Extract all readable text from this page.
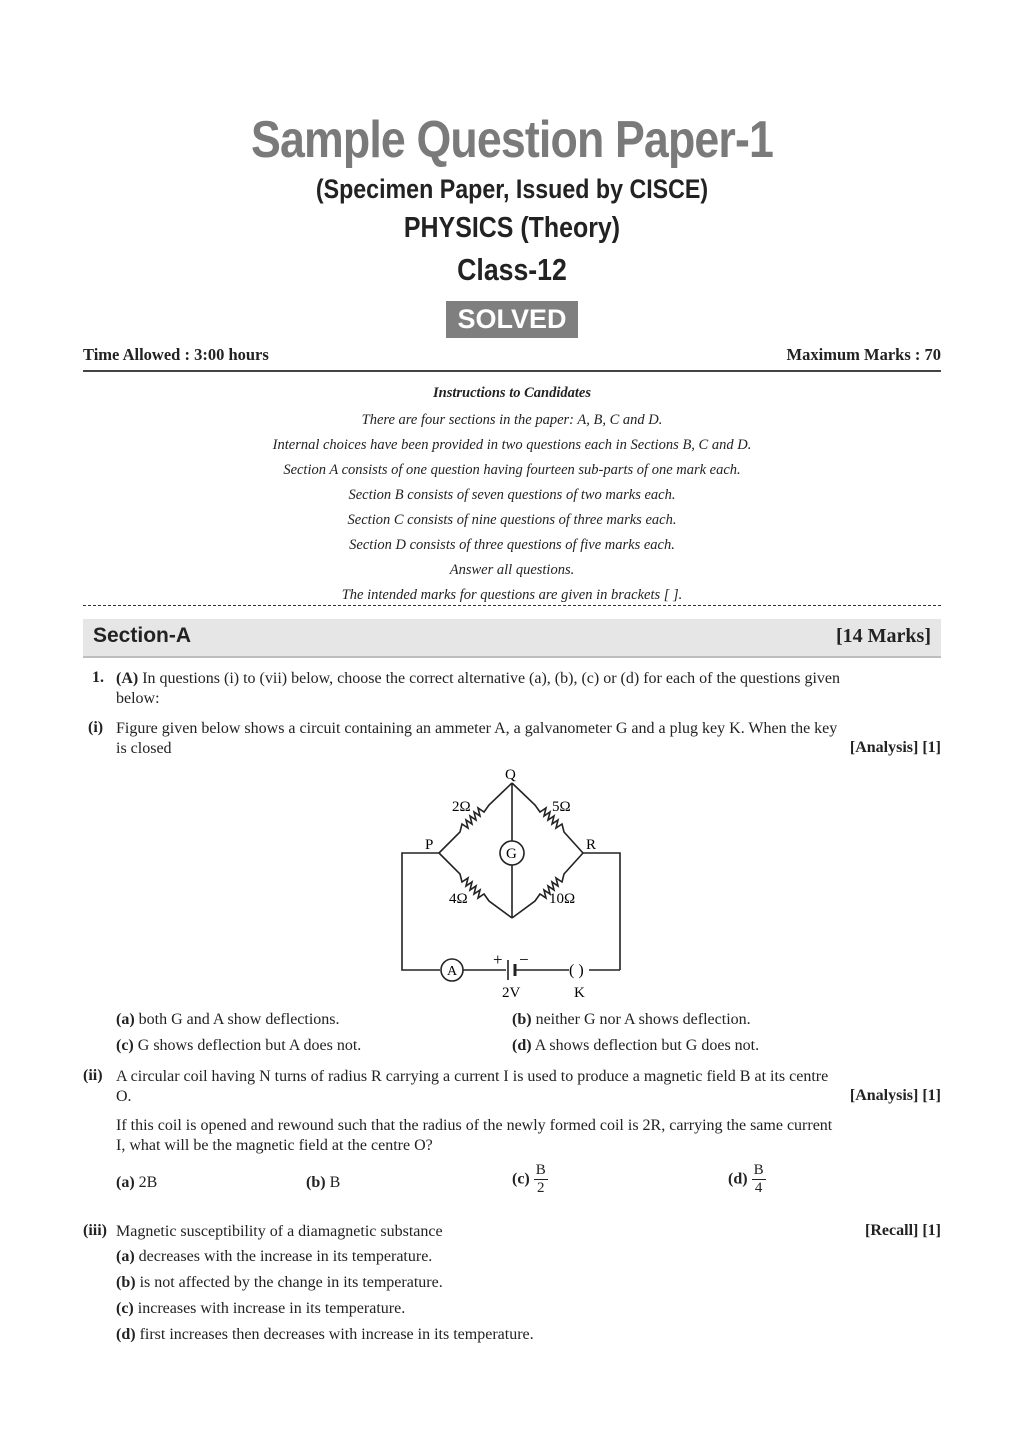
Sample Question Paper-1
(Specimen Paper, Issued by CISCE)
PHYSICS (Theory)
Class-12
SOLVED
Time Allowed : 3:00 hours	Maximum Marks : 70
Instructions to Candidates
There are four sections in the paper: A, B, C and D.
Internal choices have been provided in two questions each in Sections B, C and D.
Section A consists of one question having fourteen sub-parts of one mark each.
Section B consists of seven questions of two marks each.
Section C consists of nine questions of three marks each.
Section D consists of three questions of five marks each.
Answer all questions.
The intended marks for questions are given in brackets [ ].
Section-A	[14 Marks]
1. (A) In questions (i) to (vii) below, choose the correct alternative (a), (b), (c) or (d) for each of the questions given
below:
(i) Figure given below shows a circuit containing an ammeter A, a galvanometer G and a plug key K. When the key
is closed	[Analysis] [1]
Q
2Ω	5Ω
P	R
G
4Ω	10Ω
A
+ −
( )
2V	K
(a) both G and A show deflections.	(b) neither G nor A shows deflection.
(c) G shows deflection but A does not.	(d) A shows deflection but G does not.
(ii) A circular coil having N turns of radius R carrying a current I is used to produce a magnetic field B at its centre
O.	[Analysis] [1]
If this coil is opened and rewound such that the radius of the newly formed coil is 2R, carrying the same current
I, what will be the magnetic field at the centre O?
(a) 2B	(b) B	$(c) \frac{B}{2}$	$(d) \frac{B}{4}$
(iii) Magnetic susceptibility of a diamagnetic substance	[Recall] [1]
(a) decreases with the increase in its temperature.
(b) is not affected by the change in its temperature.
(c) increases with increase in its temperature.
(d) first increases then decreases with increase in its temperature.
